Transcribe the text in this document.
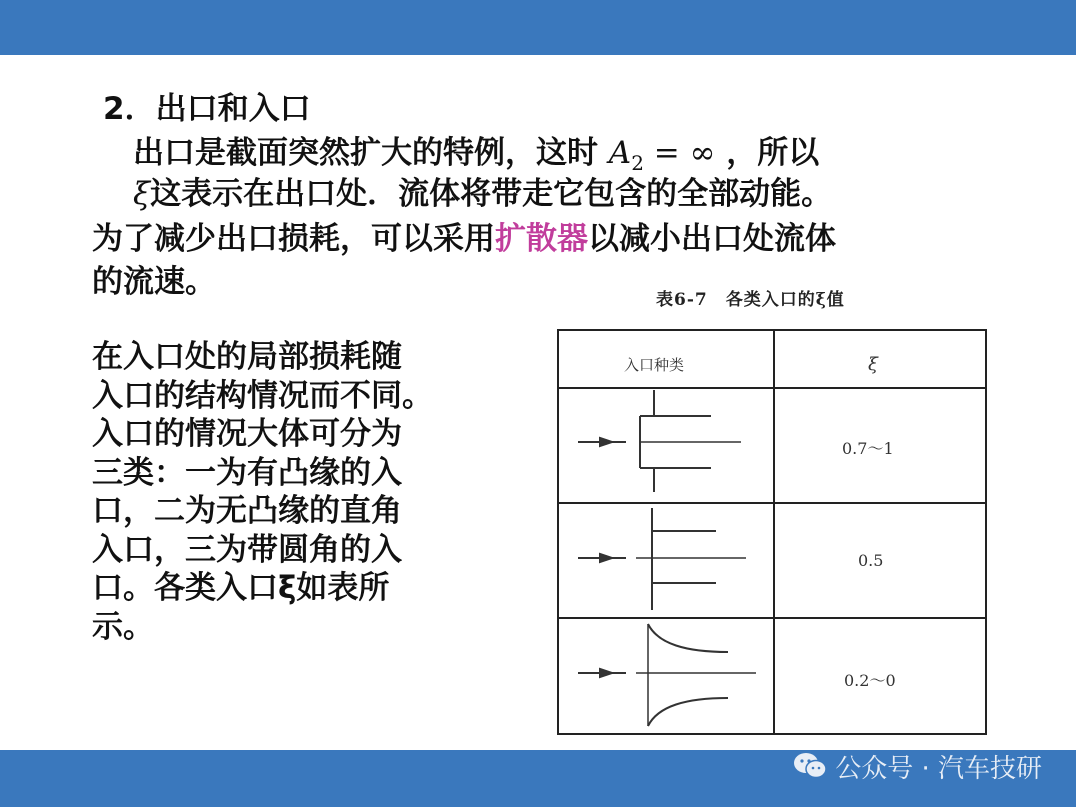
2．出口和入口
出口是截面突然扩大的特例，这时 $A_2$ = ∞ ，所以
ξ这表示在出口处．流体将带走它包含的全部动能。
为了减少出口损耗，可以采用扩散器以减小出口处流体
的流速。
在入口处的局部损耗随
入口的结构情况而不同。
入口的情况大体可分为
三类：一为有凸缘的入
口，二为无凸缘的直角
入口，三为带圆角的入
口。各类入口ξ如表所
示。
表6-7　各类入口的ξ值
入口种类	ξ
0.7～1
0.5
0.2～0
公众号 · 汽车技研
